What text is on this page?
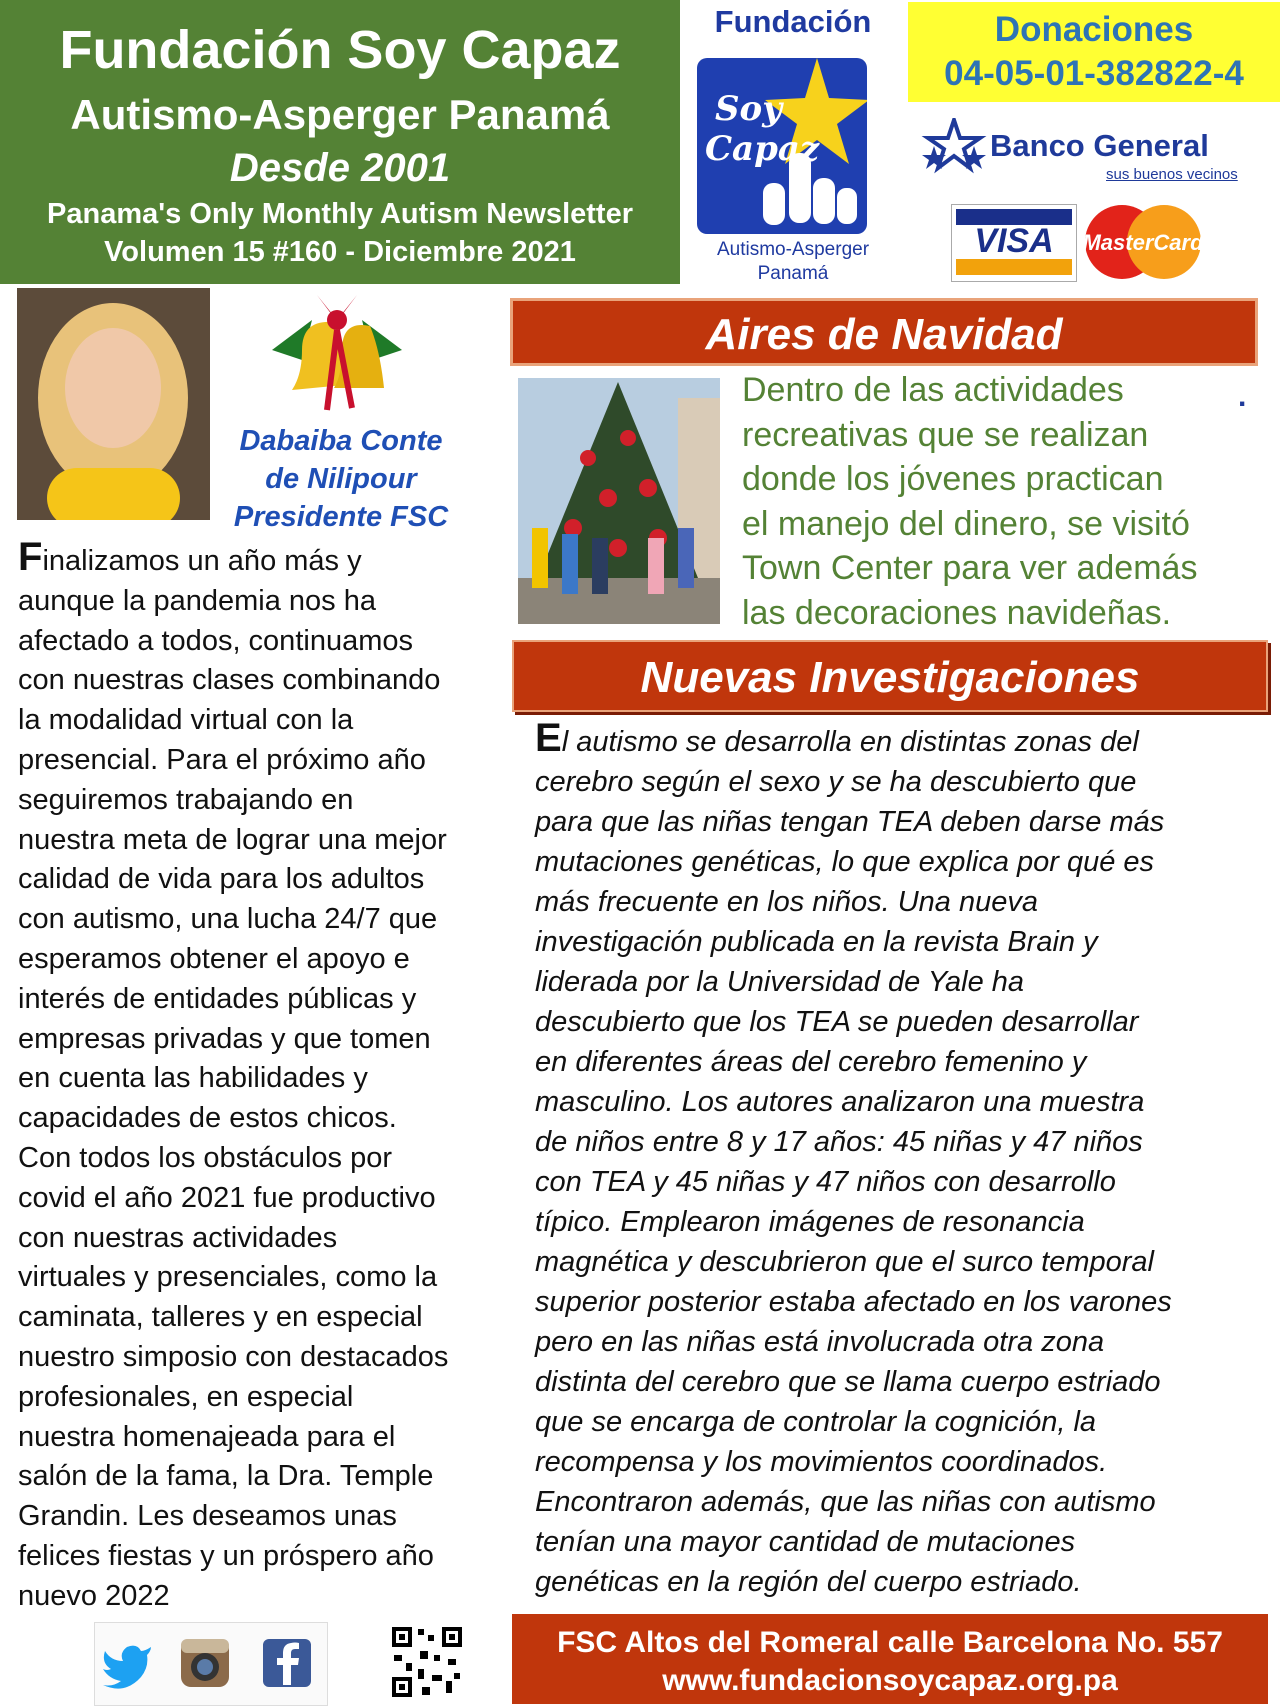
Fundación Soy Capaz
Autismo-Asperger Panamá
Desde 2001
Panama's Only Monthly Autism Newsletter
Volumen 15 #160 - Diciembre 2021
Fundación
Soy
Capaz
Autismo-Asperger
Panamá
Donaciones
04-05-01-382822-4
Banco General
sus buenos vecinos
VISA	MasterCard
Dabaiba Conte
de Nilipour
Presidente FSC
Finalizamos un año más y
aunque la pandemia nos ha
afectado a todos, continuamos
con nuestras clases combinando
la modalidad virtual con la
presencial. Para el próximo año
seguiremos trabajando en
nuestra meta de lograr una mejor
calidad de vida para los adultos
con autismo, una lucha 24/7 que
esperamos obtener el apoyo e
interés de entidades públicas y
empresas privadas y que tomen
en cuenta las habilidades y
capacidades de estos chicos.
Con todos los obstáculos por
covid el año 2021 fue productivo
con nuestras actividades
virtuales y presenciales, como la
caminata, talleres y en especial
nuestro simposio con destacados
profesionales, en especial
nuestra homenajeada para el
salón de la fama, la Dra. Temple
Grandin. Les deseamos unas
felices fiestas y un próspero año
nuevo 2022
Aires de Navidad
Dentro de las actividades
recreativas que se realizan
donde los jóvenes practican
el manejo del dinero, se visitó
Town Center para ver además
las decoraciones navideñas.
.
Nuevas Investigaciones
El autismo se desarrolla en distintas zonas del
cerebro según el sexo y se ha descubierto que
para que las niñas tengan TEA deben darse más
mutaciones genéticas, lo que explica por qué es
más frecuente en los niños. Una nueva
investigación publicada en la revista Brain y
liderada por la Universidad de Yale ha
descubierto que los TEA se pueden desarrollar
en diferentes áreas del cerebro femenino y
masculino. Los autores analizaron una muestra
de niños entre 8 y 17 años: 45 niñas y 47 niños
con TEA y 45 niñas y 47 niños con desarrollo
típico. Emplearon imágenes de resonancia
magnética y descubrieron que el surco temporal
superior posterior estaba afectado en los varones
pero en las niñas está involucrada otra zona
distinta del cerebro que se llama cuerpo estriado
que se encarga de controlar la cognición, la
recompensa y los movimientos coordinados.
Encontraron además, que las niñas con autismo
tenían una mayor cantidad de mutaciones
genéticas en la región del cuerpo estriado.
FSC Altos del Romeral calle Barcelona No. 557
www.fundacionsoycapaz.org.pa
